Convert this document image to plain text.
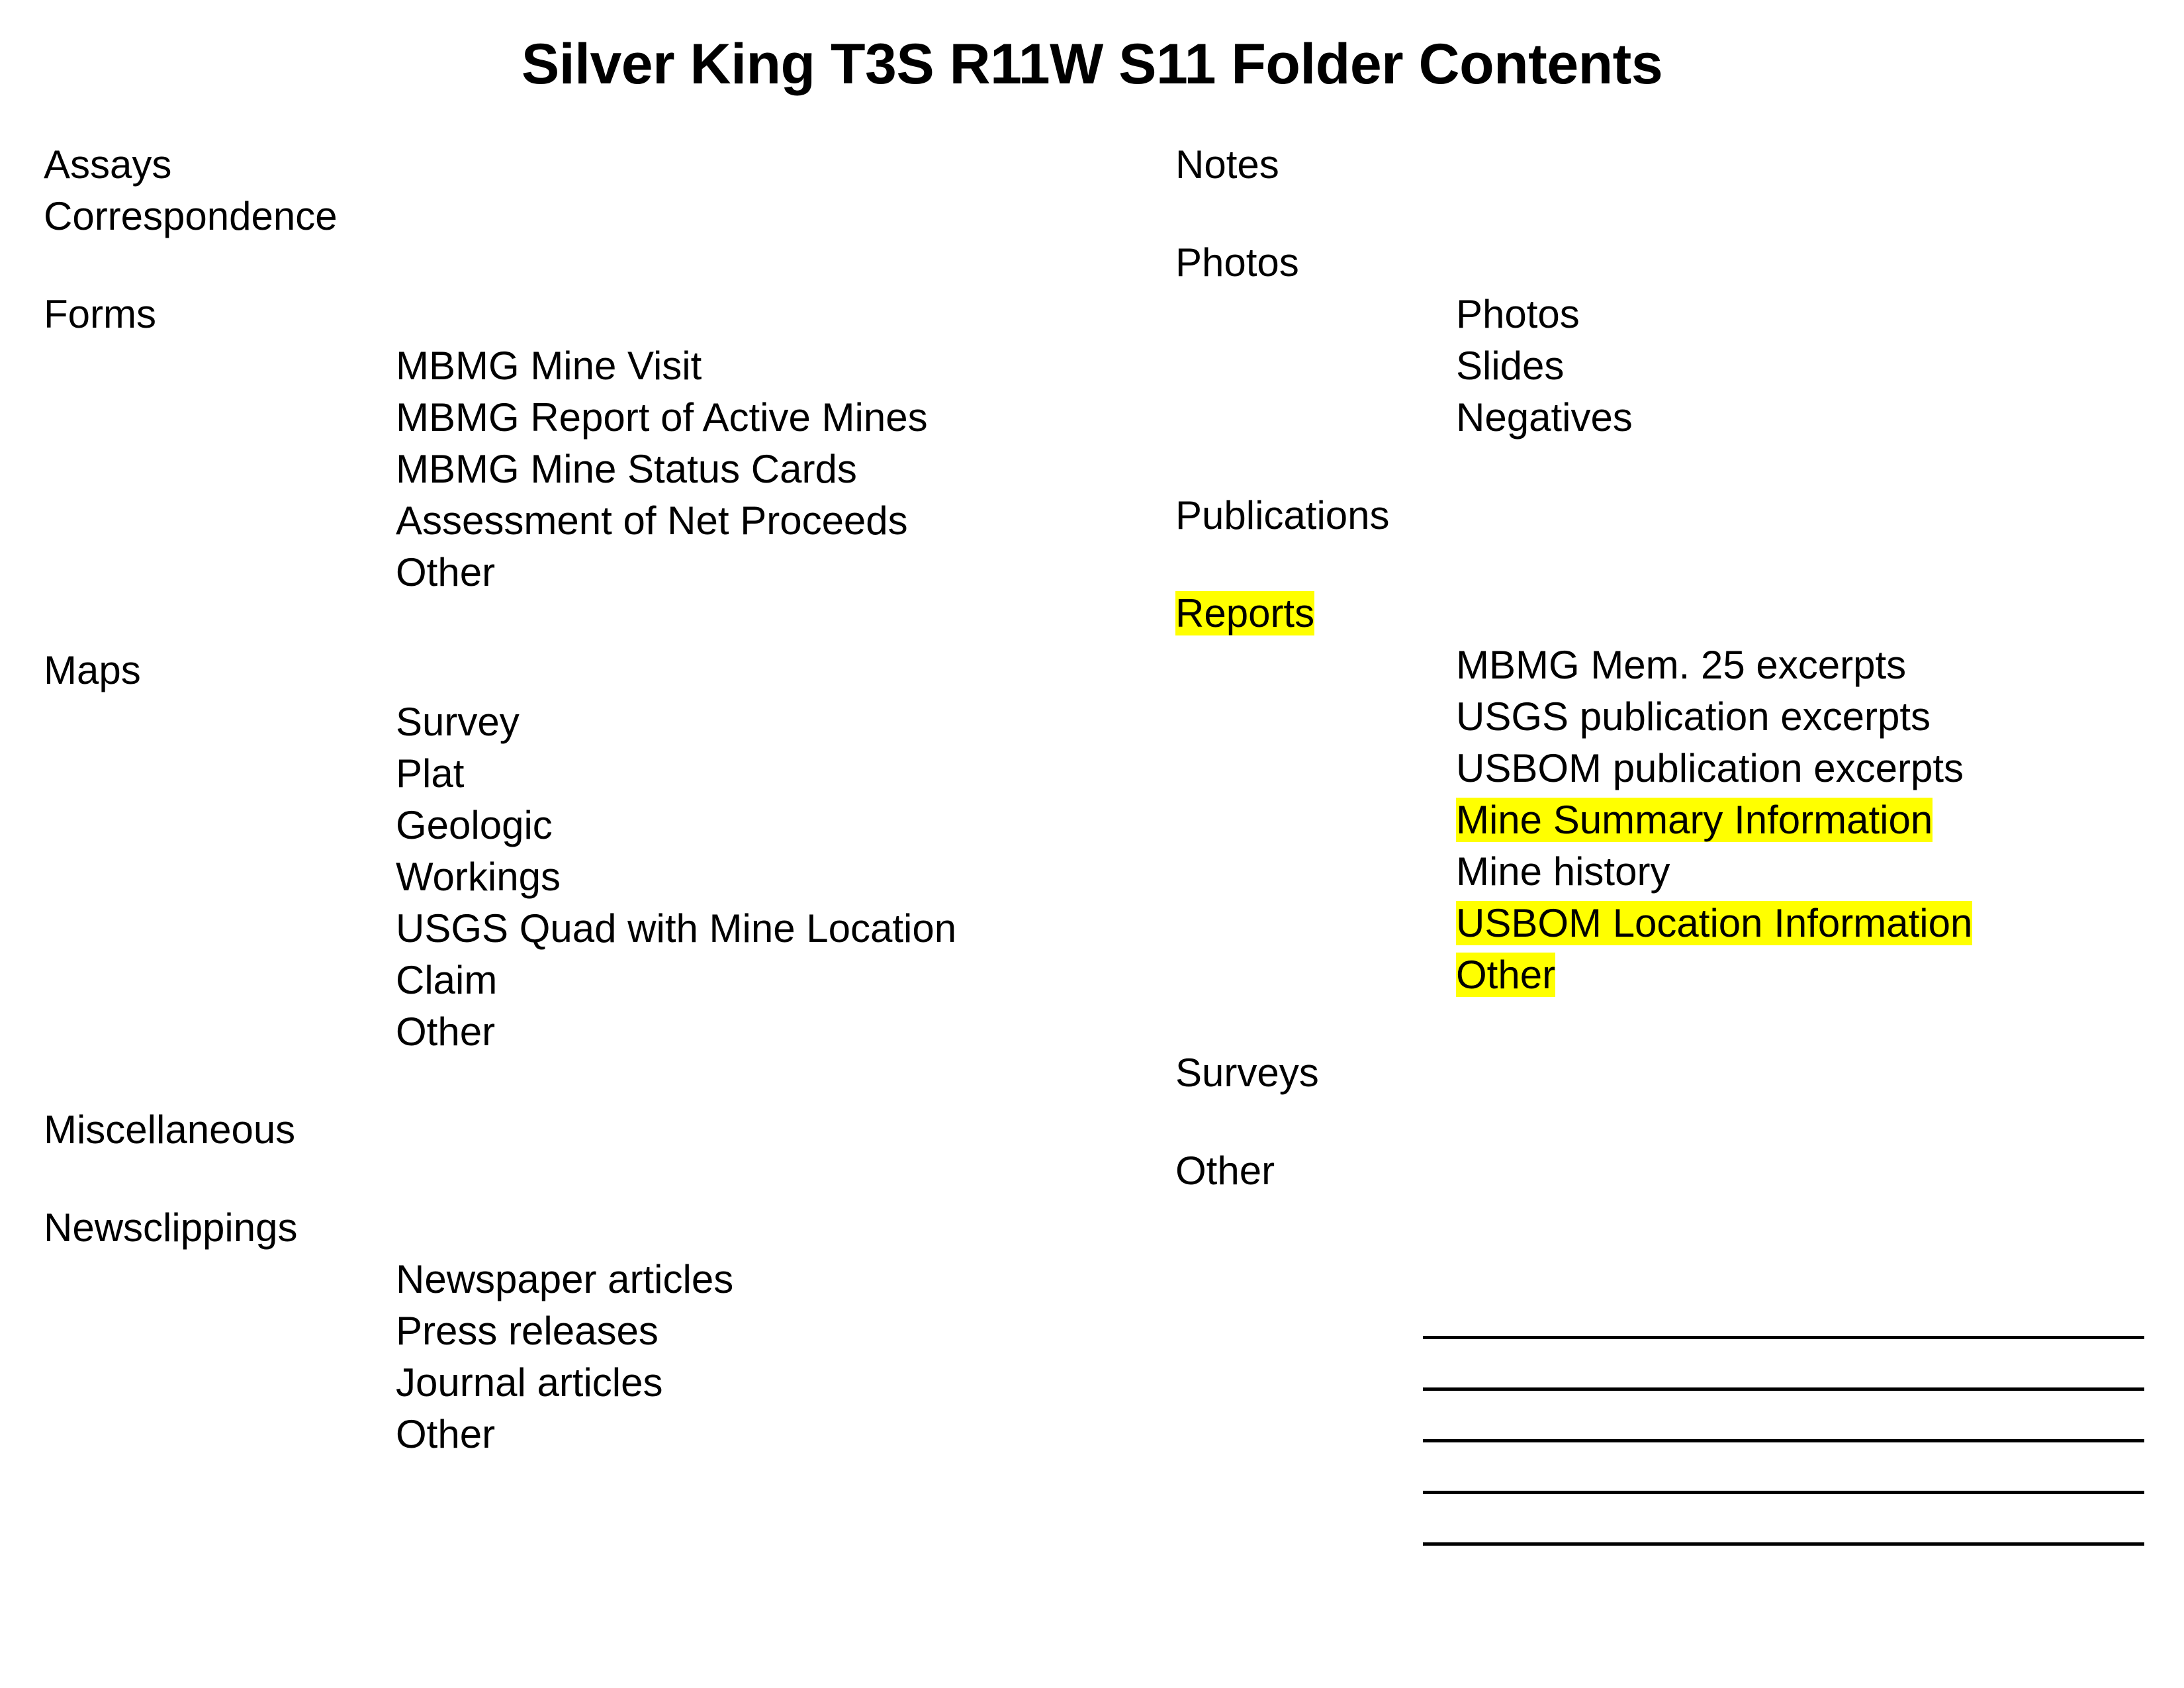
Silver King T3S R11W S11 Folder Contents
Assays
Correspondence
Forms
MBMG Mine Visit
MBMG Report of Active Mines
MBMG Mine Status Cards
Assessment of Net Proceeds
Other
Maps
Survey
Plat
Geologic
Workings
USGS Quad with Mine Location
Claim
Other
Miscellaneous
Newsclippings
Newspaper articles
Press releases
Journal articles
Other
Notes
Photos
Photos
Slides
Negatives
Publications
Reports
MBMG Mem. 25 excerpts
USGS publication excerpts
USBOM publication excerpts
Mine Summary Information
Mine history
USBOM Location Information
Other
Surveys
Other
